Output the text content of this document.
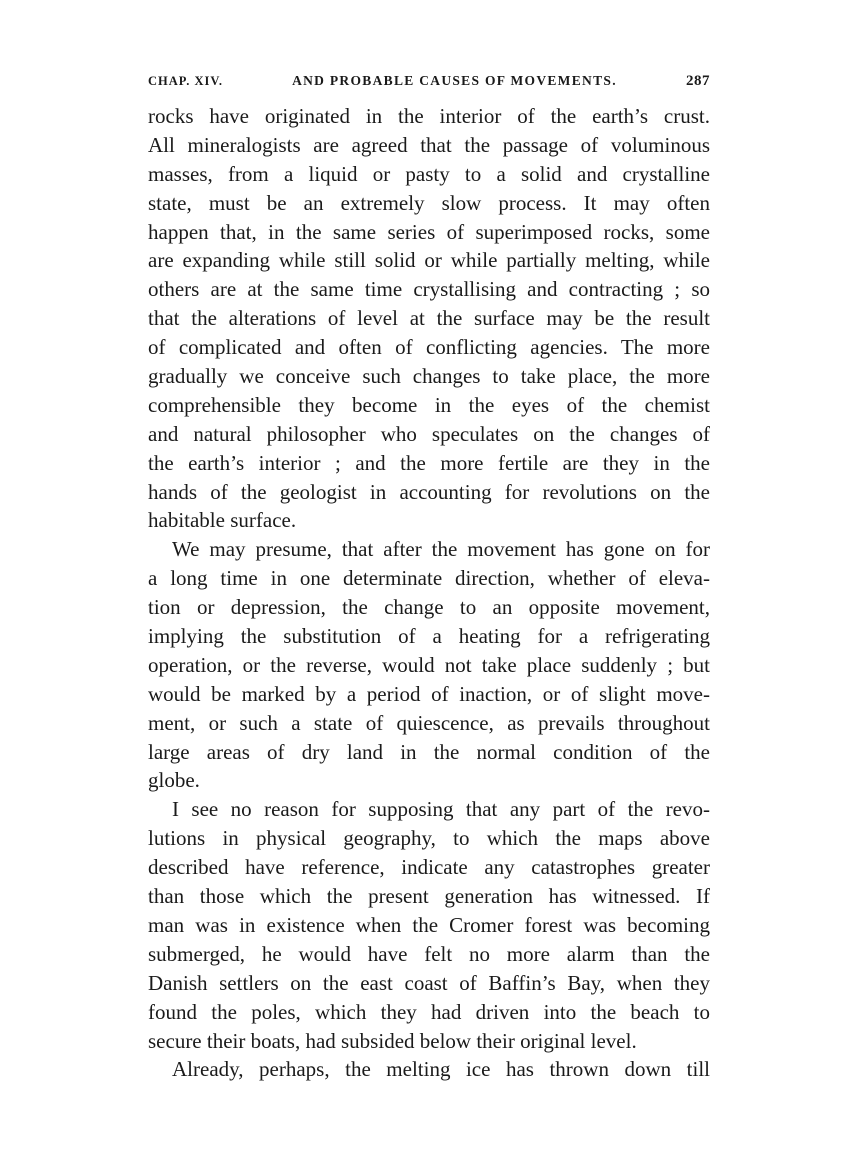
CHAP. XIV.	AND PROBABLE CAUSES OF MOVEMENTS.	287
rocks have originated in the interior of the earth’s crust.
All mineralogists are agreed that the passage of voluminous
masses, from a liquid or pasty to a solid and crystalline
state, must be an extremely slow process. It may often
happen that, in the same series of superimposed rocks, some
are expanding while still solid or while partially melting, while
others are at the same time crystallising and contracting ; so
that the alterations of level at the surface may be the result
of complicated and often of conflicting agencies. The more
gradually we conceive such changes to take place, the more
comprehensible they become in the eyes of the chemist
and natural philosopher who speculates on the changes of
the earth’s interior ; and the more fertile are they in the
hands of the geologist in accounting for revolutions on the
habitable surface.
We may presume, that after the movement has gone on for
a long time in one determinate direction, whether of eleva-
tion or depression, the change to an opposite movement,
implying the substitution of a heating for a refrigerating
operation, or the reverse, would not take place suddenly ; but
would be marked by a period of inaction, or of slight move-
ment, or such a state of quiescence, as prevails throughout
large areas of dry land in the normal condition of the
globe.
I see no reason for supposing that any part of the revo-
lutions in physical geography, to which the maps above
described have reference, indicate any catastrophes greater
than those which the present generation has witnessed. If
man was in existence when the Cromer forest was becoming
submerged, he would have felt no more alarm than the
Danish settlers on the east coast of Baffin’s Bay, when they
found the poles, which they had driven into the beach to
secure their boats, had subsided below their original level.
Already, perhaps, the melting ice has thrown down till
